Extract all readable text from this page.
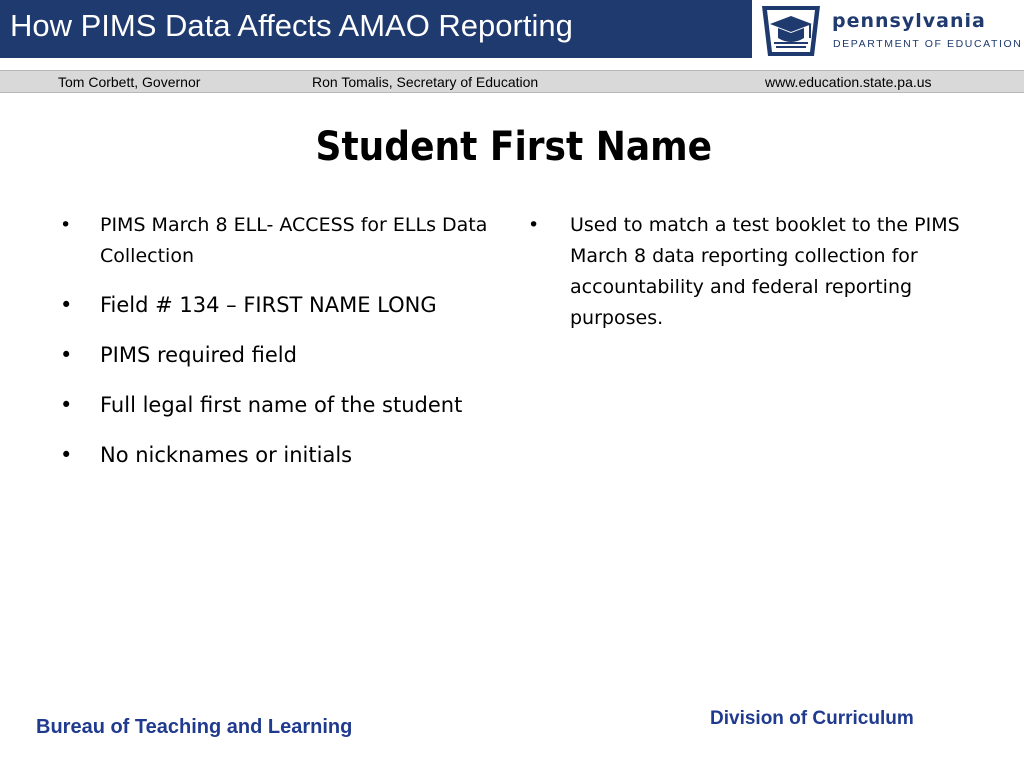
How PIMS Data Affects AMAO Reporting	pennsylvania
DEPARTMENT OF EDUCATION
Tom Corbett, Governor	Ron Tomalis, Secretary of Education	www.education.state.pa.us
Student First Name
• PIMS March 8 ELL- ACCESS for ELLs Data Collection
• Field # 134 – FIRST NAME LONG
• PIMS required field
• Full legal first name of the student
• No nicknames or initials
• Used to match a test booklet to the PIMS March 8 data reporting collection for accountability and federal reporting purposes.
Bureau of Teaching and Learning	Division of Curriculum
